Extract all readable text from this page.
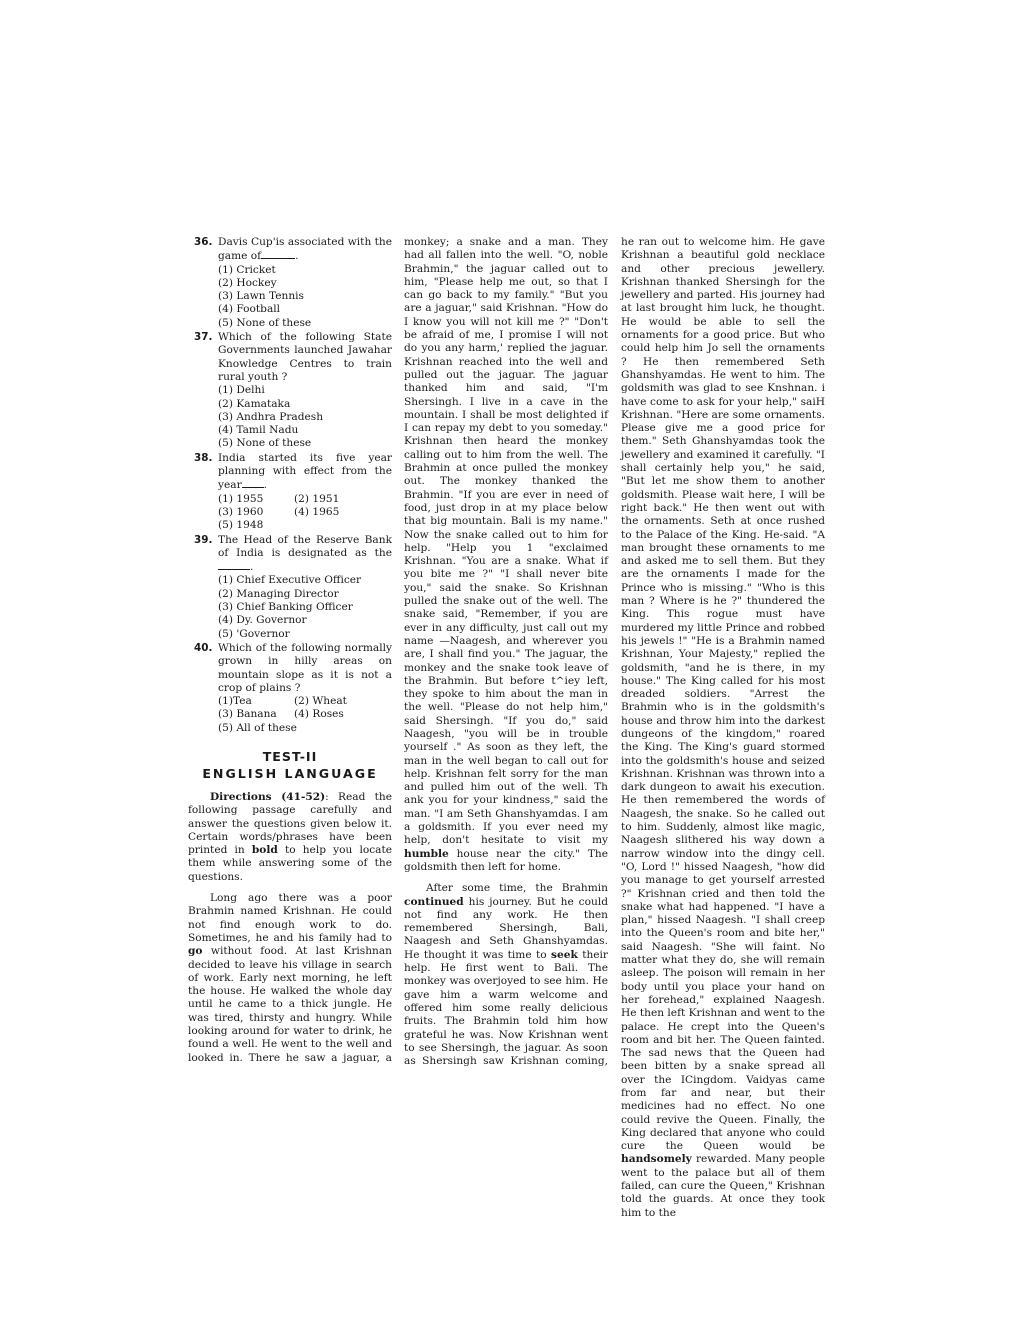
36. Davis Cup'is associated with the game of	.
(1) Cricket
(2) Hockey
(3) Lawn Tennis
(4) Football
(5) None of these
37. Which of the following State Governments launched Jawahar Knowledge Centres to train rural youth ?
(1) Delhi
(2) Kamataka
(3) Andhra Pradesh
(4) Tamil Nadu
(5) None of these
38. India started its five year planning with effect from the year .
(1) 1955	(2) 1951
(3) 1960	(4) 1965
(5) 1948
39. The Head of the Reserve Bank of India is designated as the.
(1) Chief Executive Officer
(2) Managing Director
(3) Chief Banking Officer
(4) Dy. Governor
(5) 'Governor
40. Which of the following normally grown in hilly areas on mountain slope as it is not a crop of plains ?
(1)Tea	(2) Wheat
(3) Banana (4) Roses
(5) All of these
TEST-II
ENGLISH LANGUAGE

Directions (41-52): Read the following passage carefully and answer the questions given below it. Certain words/phrases have been printed in bold to help you locate them while answering some of the questions.

Long ago there was a poor Brahmin named Krishnan. He could not find enough work to do. Sometimes, he and his family had to go without food. At last Krishnan decided to leave his village in search of work. Early next morning, he left the house. He walked the whole day until he came to a thick jungle. He was tired, thirsty and hungry. While looking around for water to drink, he found a well. He went to the well and looked in. There he saw a jaguar, a

monkey; a snake and a man. They had all fallen into the well. "O, noble Brahmin," the jaguar called out to him, "Please help me out, so that I can go back to my family." "But you are a jaguar," said Krishnan. "How do I know you will not kill me ?" "Don't be afraid of me, I promise I will not do you any harm,' replied the jaguar. Krishnan reached into the well and pulled out the jaguar. The jaguar thanked him and said, "I'm Shersingh. I live in a cave in the mountain. I shall be most delighted if I can repay my debt to you someday." Krishnan then heard the monkey calling out to him from the well. The Brahmin at once pulled the monkey out. The monkey thanked the Brahmin. "If you are ever in need of food, just drop in at my place below that big mountain. Bali is my name." Now the snake called out to him for help. "Help you 1 "exclaimed Krishnan. "You are a snake. What if you bite me ?" "I shall never bite you," said the snake. So Krishnan pulled the snake out of the well. The snake said, "Remember, if you are ever in any difficulty, just call out my name —Naagesh, and wherever you are, I shall find you." The jaguar, the monkey and the snake took leave of the Brahmin. But before t^iey left, they spoke to him about the man in the well. "Please do not help him," said Shersingh. "If you do," said Naagesh, "you will be in trouble yourself ." As soon as they left, the man in the well began to call out for help. Krishnan felt sorry for the man and pulled him out of the well. Th ank you for your kindness," said the man. "I am Seth Ghanshyamdas. I am a goldsmith. If you ever need my help, don't hesitate to visit my humble house near the city." The goldsmith then left for home.

After some time, the Brahmin continued his journey. But he could not find any work. He then remembered Shersingh, Bali, Naagesh and Seth Ghanshyamdas. He thought it was time to seek their help. He first went to Bali. The monkey was overjoyed to see him. He gave him a warm welcome and offered him some really delicious fruits. The Brahmin told him how grateful he was. Now Krishnan went to see Shersingh, the jaguar. As soon as Shersingh saw Krishnan coming,

he ran out to welcome him. He gave Krishnan a beautiful gold necklace and other precious jewellery. Krishnan thanked Shersingh for the jewellery and parted. His journey had at last brought him luck, he thought. He would be able to sell the ornaments for a good price. But who could help him Jo sell the ornaments ? He then remembered Seth Ghanshyamdas. He went to him. The goldsmith was glad to see Knshnan. i have come to ask for your help," saiH Krishnan. "Here are some ornaments. Please give me a good price for them." Seth Ghanshyamdas took the jewellery and examined it carefully. "I shall certainly help you," he said, "But let me show them to another goldsmith. Please wait here, I will be right back." He then went out with the ornaments. Seth at once rushed to the Palace of the King. He-said. "A man brought these ornaments to me and asked me to sell them. But they are the ornaments I made for the Prince who is missing." "Who is this man ? Where is he ?" thundered the King. This rogue must have murdered my little Prince and robbed his jewels !" "He is a Brahmin named Krishnan, Your Majesty," replied the goldsmith, "and he is there, in my house." The King called for his most dreaded soldiers. "Arrest the Brahmin who is in the goldsmith's house and throw him into the darkest dungeons of the kingdom," roared the King. The King's guard stormed into the goldsmith's house and seized Krishnan. Krishnan was thrown into a dark dungeon to await his execution. He then remembered the words of Naagesh, the snake. So he called out to him. Suddenly, almost like magic, Naagesh slithered his way down a narrow window into the dingy cell. "O, Lord !" hissed Naagesh, "how did you manage to get yourself arrested ?" Krishnan cried and then told the snake what had happened. "I have a plan," hissed Naagesh. "I shall creep into the Queen's room and bite her," said Naagesh. "She will faint. No matter what they do, she will remain asleep. The poison will remain in her body until you place your hand on her forehead," explained Naagesh. He then left Krishnan and went to the palace. He crept into the Queen's room and bit her. The Queen fainted. The sad news that the Queen had been bitten by a snake spread all over the ICingdom. Vaidyas came from far and near, but their medicines had no effect. No one could revive the Queen. Finally, the King declared that anyone who could cure the Queen would be handsomely rewarded. Many people went to the palace but all of them failed, can cure the Queen," Krishnan told the guards. At once they took him to the
